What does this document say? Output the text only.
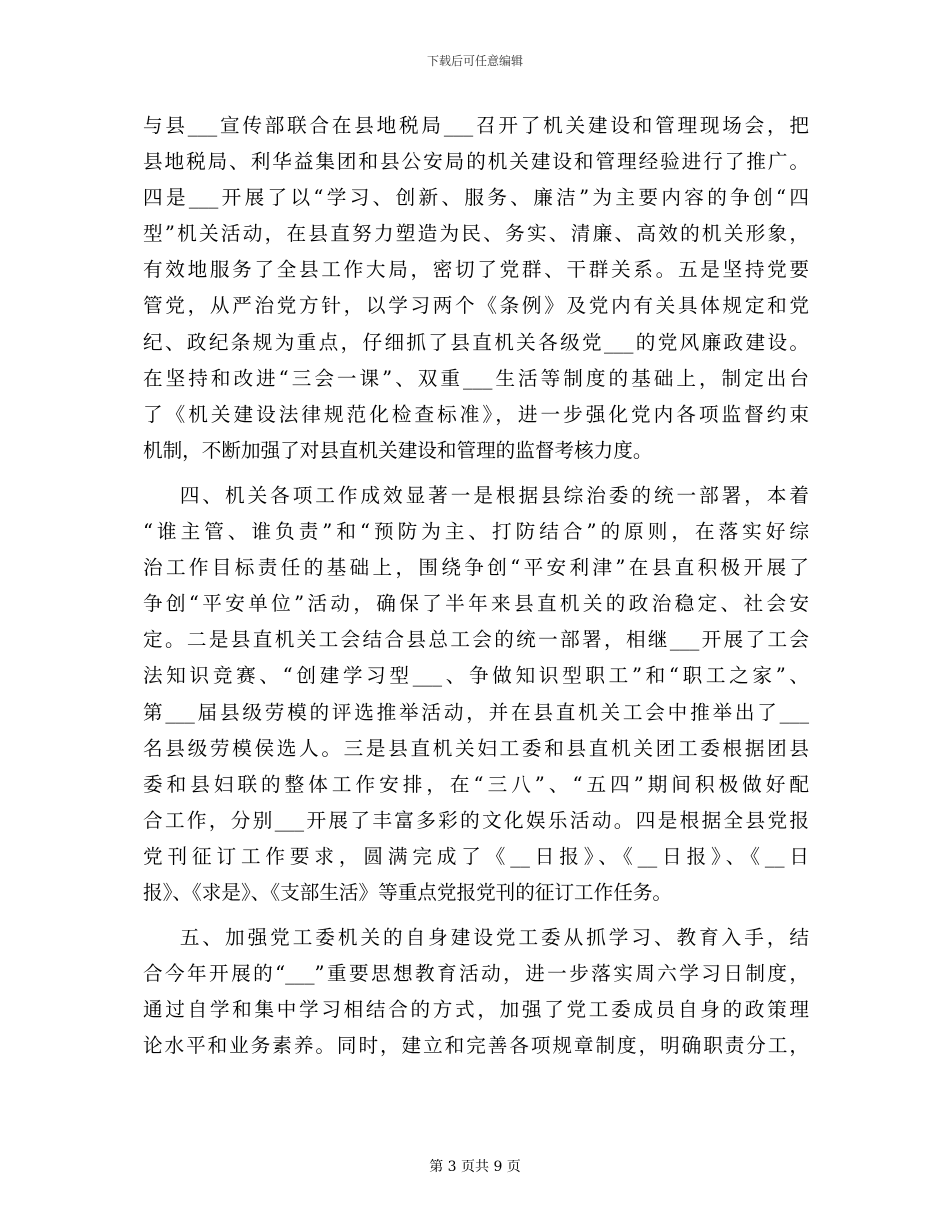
下载后可任意编辑
与县___宣传部联合在县地税局___召开了机关建设和管理现场会，把
县地税局、利华益集团和县公安局的机关建设和管理经验进行了推广。
四是___开展了以“学习、创新、服务、廉洁”为主要内容的争创“四
型”机关活动，在县直努力塑造为民、务实、清廉、高效的机关形象，
有效地服务了全县工作大局，密切了党群、干群关系。五是坚持党要
管党，从严治党方针，以学习两个《条例》及党内有关具体规定和党
纪、政纪条规为重点，仔细抓了县直机关各级党___的党风廉政建设。
在坚持和改进“三会一课”、双重___生活等制度的基础上，制定出台
了《机关建设法律规范化检查标准》，进一步强化党内各项监督约束
机制，不断加强了对县直机关建设和管理的监督考核力度。
四、机关各项工作成效显著一是根据县综治委的统一部署，本着
“谁主管、谁负责”和“预防为主、打防结合”的原则，在落实好综
治工作目标责任的基础上，围绕争创“平安利津”在县直积极开展了
争创“平安单位”活动，确保了半年来县直机关的政治稳定、社会安
定。二是县直机关工会结合县总工会的统一部署，相继___开展了工会
法知识竞赛、“创建学习型___、争做知识型职工”和“职工之家”、
第___届县级劳模的评选推举活动，并在县直机关工会中推举出了___
名县级劳模侯选人。三是县直机关妇工委和县直机关团工委根据团县
委和县妇联的整体工作安排，在“三八”、“五四”期间积极做好配
合工作，分别___开展了丰富多彩的文化娱乐活动。四是根据全县党报
党刊征订工作要求，圆满完成了《__日报》、《__日报》、《__日
报》、《求是》、《支部生活》等重点党报党刊的征订工作任务。
五、加强党工委机关的自身建设党工委从抓学习、教育入手，结
合今年开展的“___”重要思想教育活动，进一步落实周六学习日制度，
通过自学和集中学习相结合的方式，加强了党工委成员自身的政策理
论水平和业务素养。同时，建立和完善各项规章制度，明确职责分工，
第 3 页共 9 页
